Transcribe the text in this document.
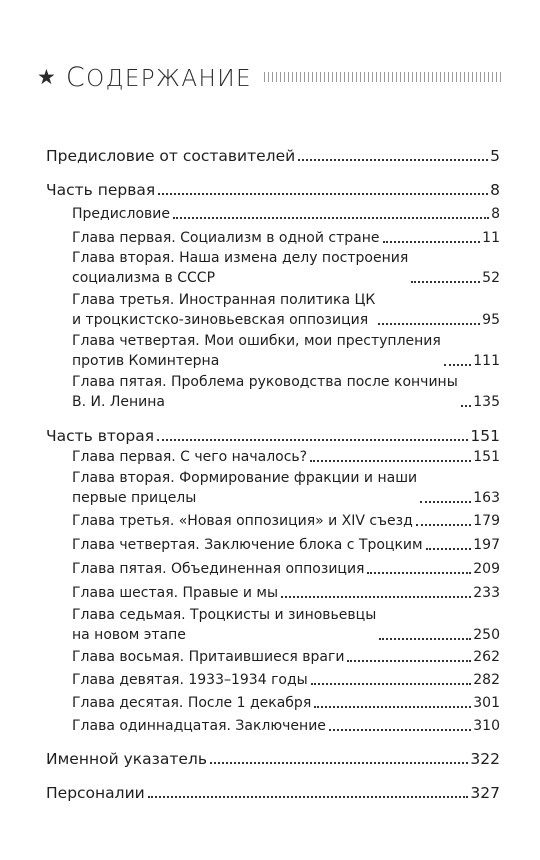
★ СОДЕРЖАНИЕ
Предисловие от составителей	5
Часть первая	8
Предисловие	8
Глава первая. Социализм в одной стране	11
Глава вторая. Наша измена делу построения
социализма в СССР	52
Глава третья. Иностранная политика ЦК
и троцкистско-зиновьевская оппозиция	95
Глава четвертая. Мои ошибки, мои преступления
против Коминтерна	111
Глава пятая. Проблема руководства после кончины
В. И. Ленина	135
Часть вторая	151
Глава первая. С чего началось?	151
Глава вторая. Формирование фракции и наши
первые прицелы	163
Глава третья. «Новая оппозиция» и XIV съезд	179
Глава четвертая. Заключение блока с Троцким	197
Глава пятая. Объединенная оппозиция	209
Глава шестая. Правые и мы	233
Глава седьмая. Троцкисты и зиновьевцы
на новом этапе	250
Глава восьмая. Притаившиеся враги	262
Глава девятая. 1933–1934 годы	282
Глава десятая. После 1 декабря	301
Глава одиннадцатая. Заключение	310
Именной указатель	322
Персоналии	327
